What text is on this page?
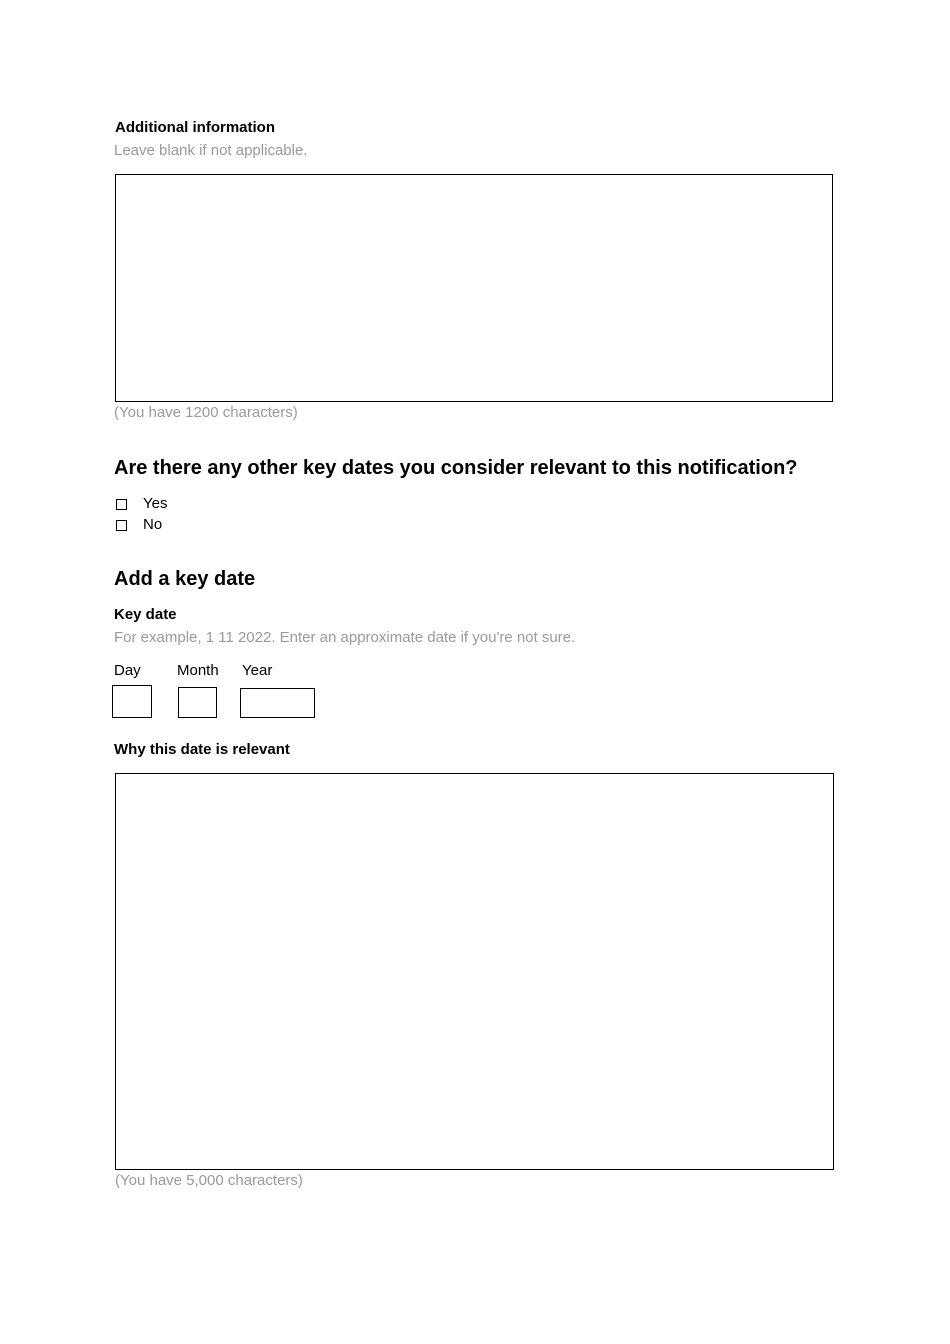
Additional information
Leave blank if not applicable.
(You have 1200 characters)
Are there any other key dates you consider relevant to this notification?
Yes
No
Add a key date
Key date
For example, 1 11 2022. Enter an approximate date if you're not sure.
Day Month Year
Why this date is relevant
(You have 5,000 characters)
